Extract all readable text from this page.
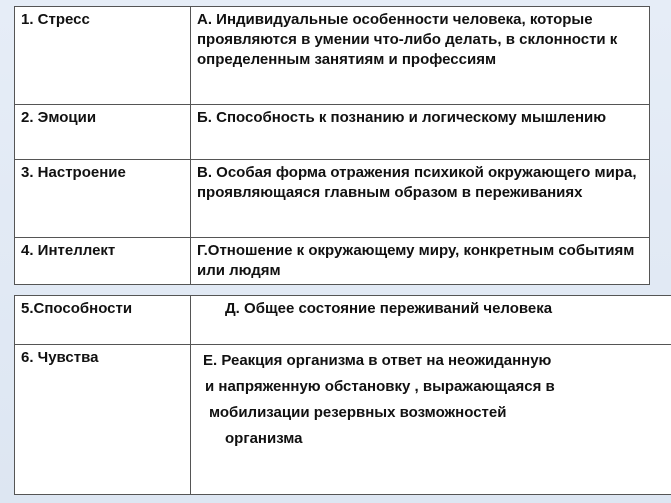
1. Стресс	А. Индивидуальные особенности человека, которые проявляются в умении что-либо делать, в склонности к определенным занятиям и профессиям
2. Эмоции	Б. Способность к познанию и логическому мышлению
3. Настроение	В. Особая форма отражения психикой окружающего мира, проявляющаяся главным образом в переживаниях
4. Интеллект	Г.Отношение к окружающему миру, конкретным событиям или людям
5.Способности	Д. Общее состояние переживаний человека
6. Чувства	Е. Реакция организма в ответ на неожиданную
и напряженную обстановку , выражающаяся в
мобилизации резервных возможностей
организма
